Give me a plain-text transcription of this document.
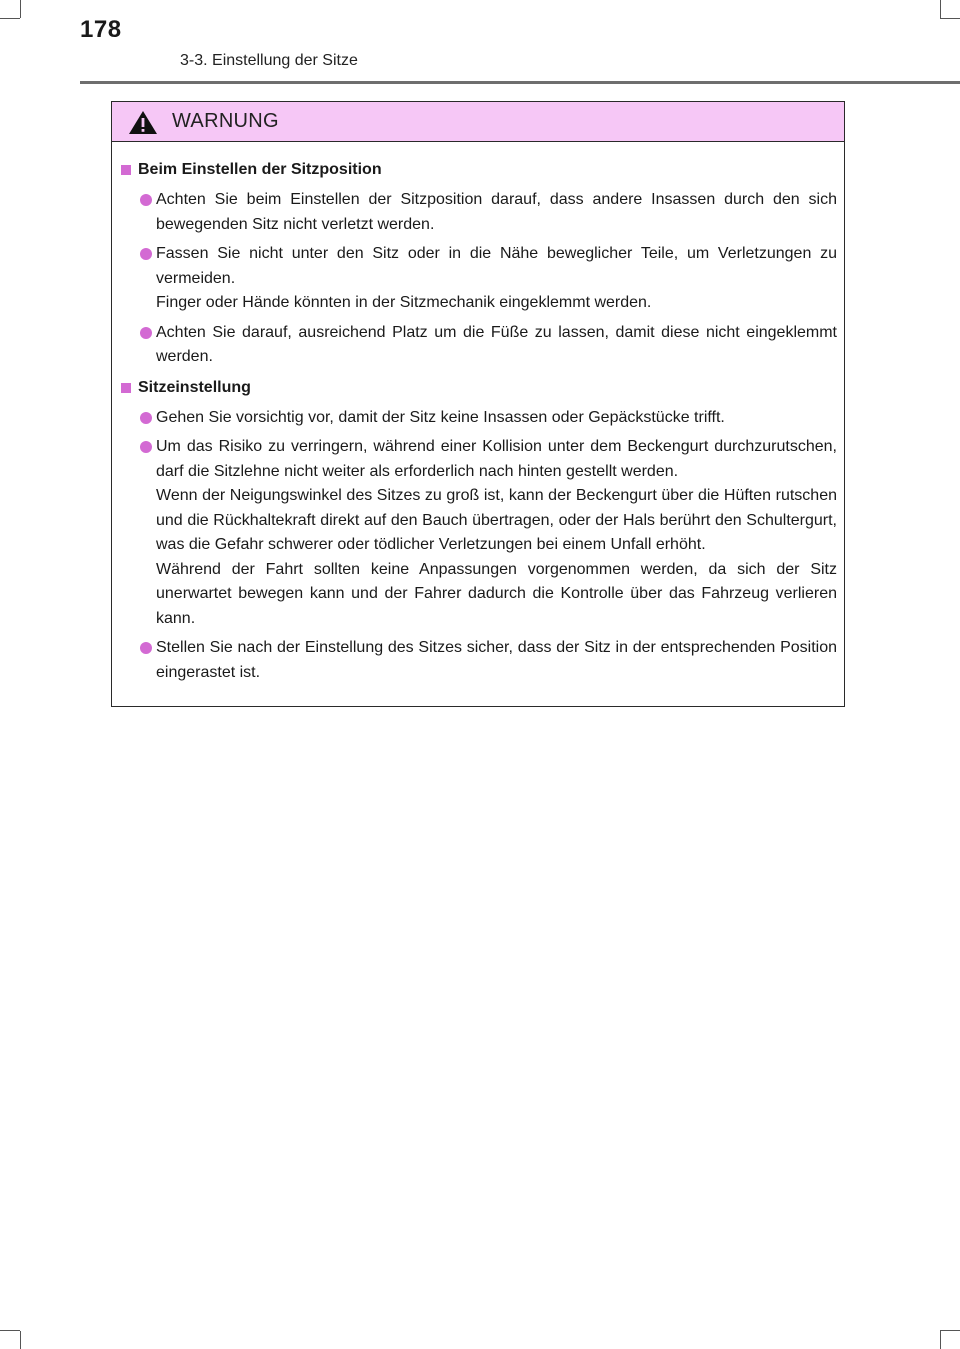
178
3-3. Einstellung der Sitze
WARNUNG
Beim Einstellen der Sitzposition

Achten Sie beim Einstellen der Sitzposition darauf, dass andere Insassen durch den sich bewegenden Sitz nicht verletzt werden.

Fassen Sie nicht unter den Sitz oder in die Nähe beweglicher Teile, um Verletzungen zu vermeiden.

Finger oder Hände könnten in der Sitzmechanik eingeklemmt werden.

Achten Sie darauf, ausreichend Platz um die Füße zu lassen, damit diese nicht eingeklemmt werden.

Sitzeinstellung

Gehen Sie vorsichtig vor, damit der Sitz keine Insassen oder Gepäckstücke trifft.

Um das Risiko zu verringern, während einer Kollision unter dem Beckengurt durchzurutschen, darf die Sitzlehne nicht weiter als erforderlich nach hinten gestellt werden.

Wenn der Neigungswinkel des Sitzes zu groß ist, kann der Beckengurt über die Hüften rutschen und die Rückhaltekraft direkt auf den Bauch übertragen, oder der Hals berührt den Schultergurt, was die Gefahr schwerer oder tödlicher Verletzungen bei einem Unfall erhöht.

Während der Fahrt sollten keine Anpassungen vorgenommen werden, da sich der Sitz unerwartet bewegen kann und der Fahrer dadurch die Kontrolle über das Fahrzeug verlieren kann.

Stellen Sie nach der Einstellung des Sitzes sicher, dass der Sitz in der entsprechenden Position eingerastet ist.
